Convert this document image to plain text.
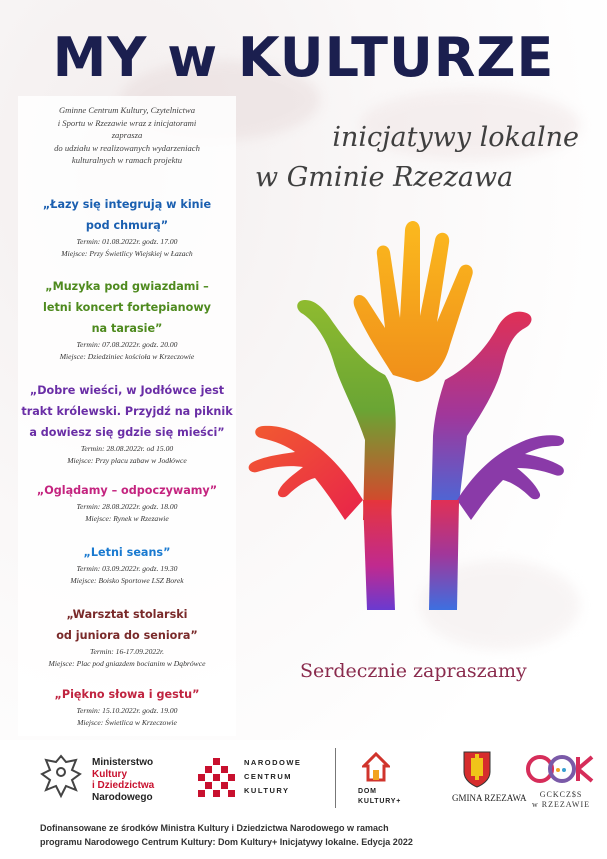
MY w KULTURZE
inicjatywy lokalne
w Gminie Rzezawa
Gminne Centrum Kultury, Czytelnictwa
i Sportu w Rzezawie wraz z inicjatorami
zaprasza
do udziału w realizowanych wydarzeniach
kulturalnych w ramach projektu
„Łazy się integrują w kinie
pod chmurą”
Termin: 01.08.2022r. godz. 17.00
Miejsce: Przy Świetlicy Wiejskiej w Łazach
„Muzyka pod gwiazdami –
letni koncert fortepianowy
na tarasie”
Termin: 07.08.2022r. godz. 20.00
Miejsce: Dziedziniec kościoła w Krzeczowie
„Dobre wieści, w Jodłówce jest
trakt królewski. Przyjdź na piknik
a dowiesz się gdzie się mieści”
Termin: 28.08.2022r. od 15.00
Miejsce: Przy placu zabaw w Jodłówce
„Oglądamy – odpoczywamy”
Termin: 28.08.2022r. godz. 18.00
Miejsce: Rynek w Rzezawie
„Letni seans”
Termin: 03.09.2022r. godz. 19.30
Miejsce: Boisko Sportowe LSZ Borek
„Warsztat stolarski
od juniora do seniora”
Termin: 16-17.09.2022r.
Miejsce: Plac pod gniazdem bocianim w Dąbrówce
„Piękno słowa i gestu”
Termin: 15.10.2022r. godz. 19.00
Miejsce: Świetlica w Krzeczowie
Serdecznie zapraszamy
Ministerstwo
Kultury
i Dziedzictwa
Narodowego
NARODOWE
CENTRUM
KULTURY	DOM
KULTURY+	GMINA RZEZAWA	GCKCZ$S
w RZEZAWIE
Dofinansowane ze środków Ministra Kultury i Dziedzictwa Narodowego w ramach
programu Narodowego Centrum Kultury: Dom Kultury+ Inicjatywy lokalne. Edycja 2022
